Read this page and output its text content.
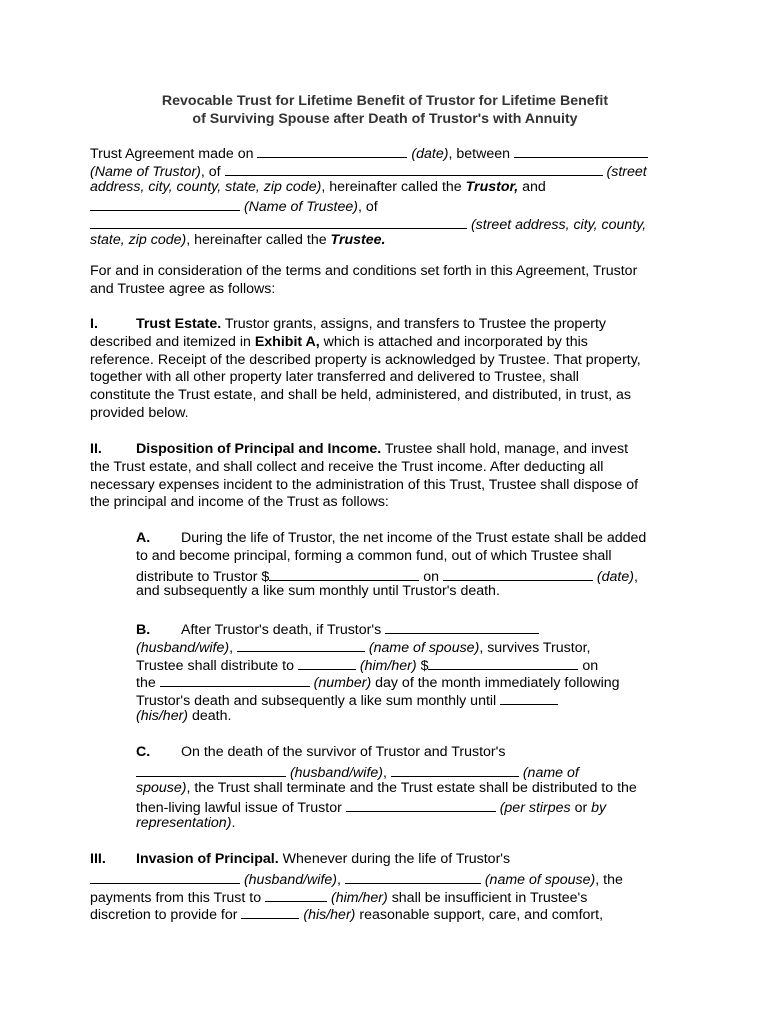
Revocable Trust for Lifetime Benefit of Trustor for Lifetime Benefit
of Surviving Spouse after Death of Trustor's with Annuity
Trust Agreement made on	(date), between
(Name of Trustor), of	(street
address, city, county, state, zip code), hereinafter called the Trustor, and
(Name of Trustee), of
(street address, city, county,
state, zip code), hereinafter called the Trustee.
For and in consideration of the terms and conditions set forth in this Agreement, Trustor
and Trustee agree as follows:
I.	Trust Estate. Trustor grants, assigns, and transfers to Trustee the property
described and itemized in Exhibit A, which is attached and incorporated by this
reference. Receipt of the described property is acknowledged by Trustee. That property,
together with all other property later transferred and delivered to Trustee, shall
constitute the Trust estate, and shall be held, administered, and distributed, in trust, as
provided below.
II. Disposition of Principal and Income. Trustee shall hold, manage, and invest
the Trust estate, and shall collect and receive the Trust income. After deducting all
necessary expenses incident to the administration of this Trust, Trustee shall dispose of
the principal and income of the Trust as follows:
A. During the life of Trustor, the net income of the Trust estate shall be added
to and become principal, forming a common fund, out of which Trustee shall
distribute to Trustor $	on	(date),
and subsequently a like sum monthly until Trustor's death.
B. After Trustor's death, if Trustor's
(husband/wife),	(name of spouse), survives Trustor,
Trustee shall distribute to	(him/her) $	on
the	(number) day of the month immediately following
Trustor's death and subsequently a like sum monthly until
(his/her) death.
C. On the death of the survivor of Trustor and Trustor's
(husband/wife),	(name of
spouse), the Trust shall terminate and the Trust estate shall be distributed to the
then-living lawful issue of Trustor	(per stirpes or by
representation).
III. Invasion of Principal. Whenever during the life of Trustor's
(husband/wife),	(name of spouse), the
payments from this Trust to	(him/her) shall be insufficient in Trustee's
discretion to provide for	(his/her) reasonable support, care, and comfort,
